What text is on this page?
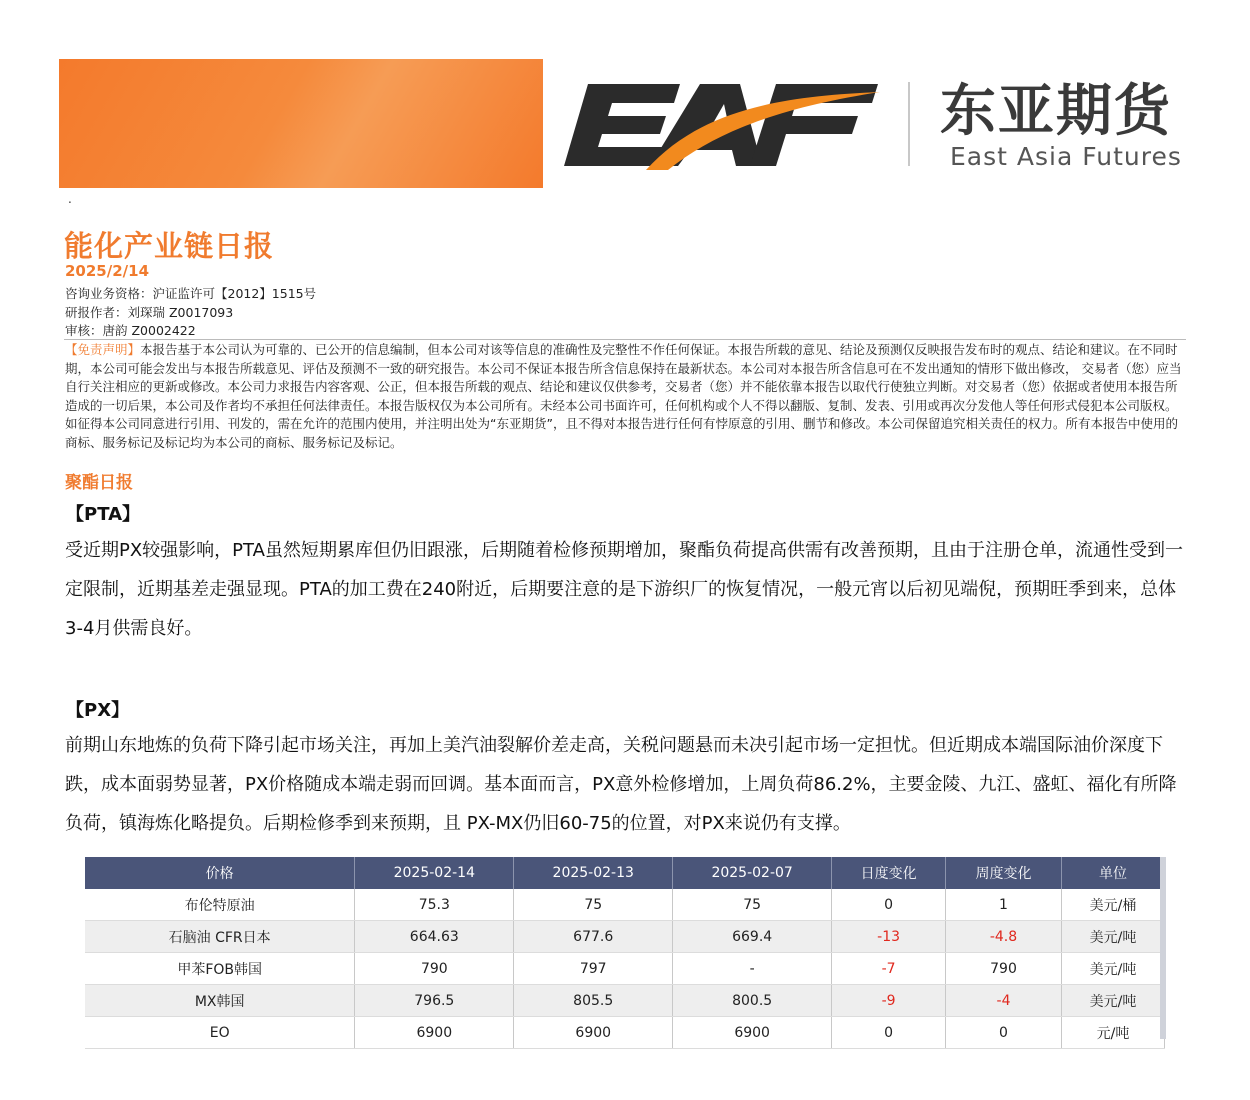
东亚期货
East Asia Futures
.
能化产业链日报
2025/2/14
咨询业务资格：沪证监许可【2012】1515号
研报作者：刘琛瑞 Z0017093
审核：唐韵 Z0002422
【免责声明】本报告基于本公司认为可靠的、已公开的信息编制，但本公司对该等信息的准确性及完整性不作任何保证。本报告所载的意见、结论及预测仅反映报告发布时的观点、结论和建议。在不同时期，本公司可能会发出与本报告所载意见、评估及预测不一致的研究报告。本公司不保证本报告所含信息保持在最新状态。本公司对本报告所含信息可在不发出通知的情形下做出修改， 交易者（您）应当自行关注相应的更新或修改。本公司力求报告内容客观、公正，但本报告所载的观点、结论和建议仅供参考，交易者（您）并不能依靠本报告以取代行使独立判断。对交易者（您）依据或者使用本报告所造成的一切后果，本公司及作者均不承担任何法律责任。本报告版权仅为本公司所有。未经本公司书面许可，任何机构或个人不得以翻版、复制、发表、引用或再次分发他人等任何形式侵犯本公司版权。如征得本公司同意进行引用、刊发的，需在允许的范围内使用，并注明出处为“东亚期货”，且不得对本报告进行任何有悖原意的引用、删节和修改。本公司保留追究相关责任的权力。所有本报告中使用的商标、服务标记及标记均为本公司的商标、服务标记及标记。
聚酯日报
【PTA】
受近期PX较强影响，PTA虽然短期累库但仍旧跟涨，后期随着检修预期增加，聚酯负荷提高供需有改善预期，且由于注册仓单，流通性受到一定限制，近期基差走强显现。PTA的加工费在240附近，后期要注意的是下游织厂的恢复情况，一般元宵以后初见端倪，预期旺季到来，总体3-4月供需良好。
【PX】
前期山东地炼的负荷下降引起市场关注，再加上美汽油裂解价差走高，关税问题悬而未决引起市场一定担忧。但近期成本端国际油价深度下跌，成本面弱势显著，PX价格随成本端走弱而回调。基本面而言，PX意外检修增加，上周负荷86.2%，主要金陵、九江、盛虹、福化有所降负荷，镇海炼化略提负。后期检修季到来预期，且 PX-MX仍旧60-75的位置，对PX来说仍有支撑。
价格	2025-02-14	2025-02-13	2025-02-07	日度变化	周度变化	单位
布伦特原油	75.3	75	75	0	1	美元/桶
石脑油 CFR日本	664.63	677.6	669.4	-13	-4.8	美元/吨
甲苯FOB韩国	790	797	-	-7	790	美元/吨
MX韩国	796.5	805.5	800.5	-9	-4	美元/吨
EO	6900	6900	6900	0	0	元/吨
